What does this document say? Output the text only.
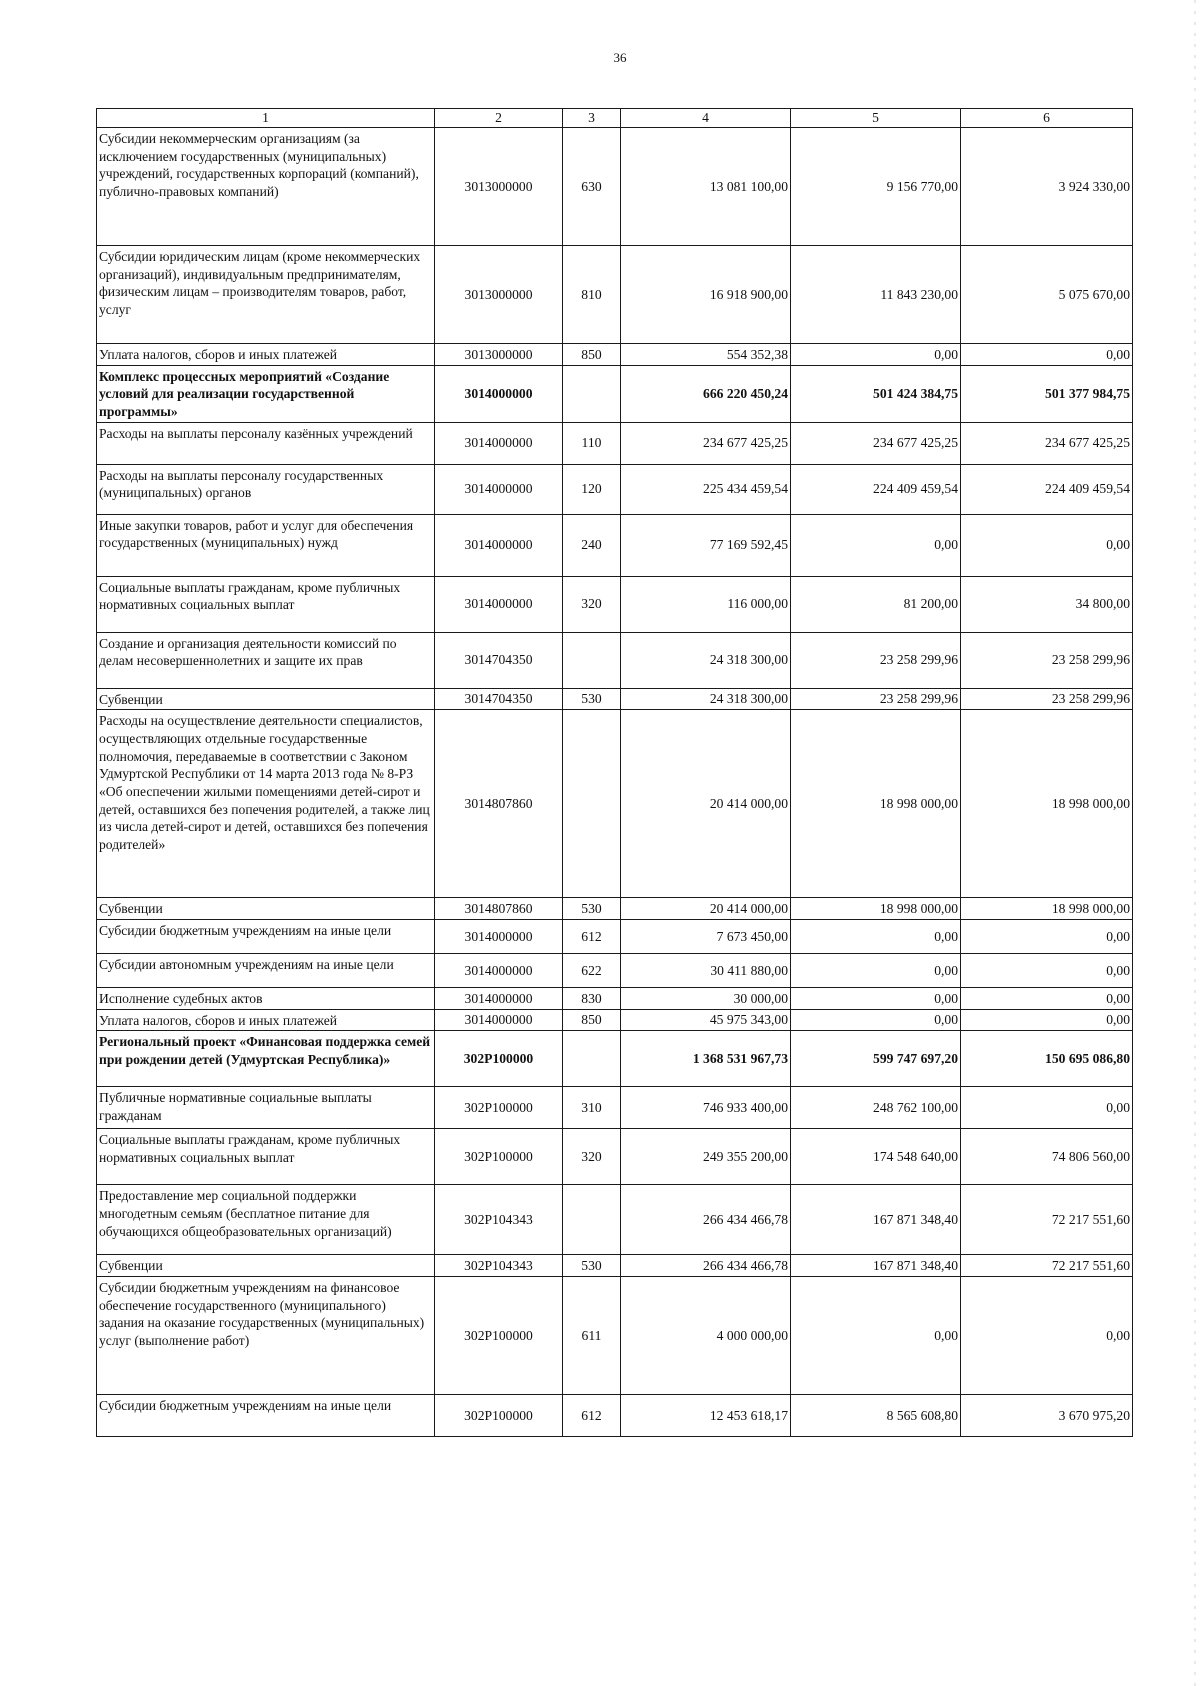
36
1	2	3	4	5	6
Субсидии некоммерческим организациям (за исключением государственных (муниципальных) учреждений, государственных корпораций (компаний), публично-правовых компаний)	3013000000	630	13 081 100,00	9 156 770,00	3 924 330,00
Субсидии юридическим лицам (кроме некоммерческих организаций), индивидуальным предпринимателям, физическим лицам – производителям товаров, работ, услуг	3013000000	810	16 918 900,00	11 843 230,00	5 075 670,00
Уплата налогов, сборов и иных платежей	3013000000	850	554 352,38	0,00	0,00
Комплекс процессных мероприятий «Создание условий для реализации государственной программы»	3014000000		666 220 450,24	501 424 384,75	501 377 984,75
Расходы на выплаты персоналу казённых учреждений	3014000000	110	234 677 425,25	234 677 425,25	234 677 425,25
Расходы на выплаты персоналу государственных (муниципальных) органов	3014000000	120	225 434 459,54	224 409 459,54	224 409 459,54
Иные закупки товаров, работ и услуг для обеспечения государственных (муниципальных) нужд	3014000000	240	77 169 592,45	0,00	0,00
Социальные выплаты гражданам, кроме публичных нормативных социальных выплат	3014000000	320	116 000,00	81 200,00	34 800,00
Создание и организация деятельности комиссий по делам несовершеннолетних и защите их прав	3014704350		24 318 300,00	23 258 299,96	23 258 299,96
Субвенции	3014704350	530	24 318 300,00	23 258 299,96	23 258 299,96
Расходы на осуществление деятельности специалистов, осуществляющих отдельные государственные полномочия, передаваемые в соответствии с Законом Удмуртской Республики от 14 марта 2013 года № 8-РЗ «Об опеспечении жилыми помещениями детей-сирот и детей, оставшихся без попечения родителей, а также лиц из числа детей-сирот и детей, оставшихся без попечения родителей»	3014807860		20 414 000,00	18 998 000,00	18 998 000,00
Субвенции	3014807860	530	20 414 000,00	18 998 000,00	18 998 000,00
Субсидии бюджетным учреждениям на иные цели	3014000000	612	7 673 450,00	0,00	0,00
Субсидии автономным учреждениям на иные цели	3014000000	622	30 411 880,00	0,00	0,00
Исполнение судебных актов	3014000000	830	30 000,00	0,00	0,00
Уплата налогов, сборов и иных платежей	3014000000	850	45 975 343,00	0,00	0,00
Региональный проект «Финансовая поддержка семей при рождении детей (Удмуртская Республика)»	302P100000		1 368 531 967,73	599 747 697,20	150 695 086,80
Публичные нормативные социальные выплаты гражданам	302P100000	310	746 933 400,00	248 762 100,00	0,00
Социальные выплаты гражданам, кроме публичных нормативных социальных выплат	302P100000	320	249 355 200,00	174 548 640,00	74 806 560,00
Предоставление мер социальной поддержки многодетным семьям (бесплатное питание для обучающихся общеобразовательных организаций)	302P104343		266 434 466,78	167 871 348,40	72 217 551,60
Субвенции	302P104343	530	266 434 466,78	167 871 348,40	72 217 551,60
Субсидии бюджетным учреждениям на финансовое обеспечение государственного (муниципального) задания на оказание государственных (муниципальных) услуг (выполнение работ)	302P100000	611	4 000 000,00	0,00	0,00
Субсидии бюджетным учреждениям на иные цели	302P100000	612	12 453 618,17	8 565 608,80	3 670 975,20
